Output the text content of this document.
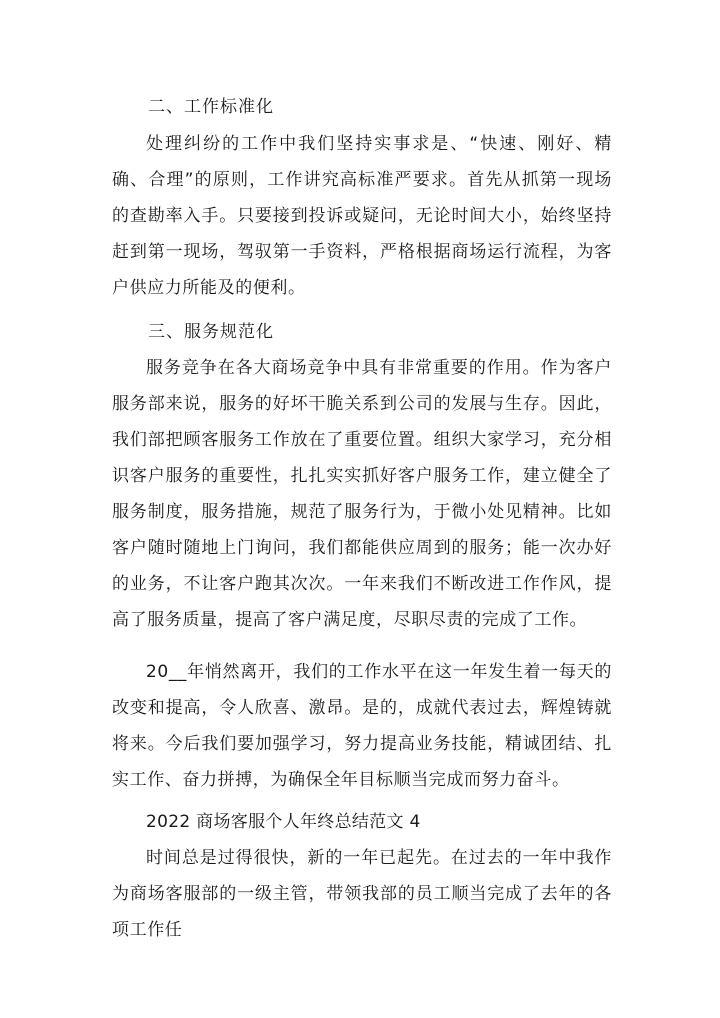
二、工作标准化

处理纠纷的工作中我们坚持实事求是、“快速、刚好、精确、合理”的原则，工作讲究高标准严要求。首先从抓第一现场的查勘率入手。只要接到投诉或疑问，无论时间大小，始终坚持赶到第一现场，驾驭第一手资料，严格根据商场运行流程，为客户供应力所能及的便利。

三、服务规范化

服务竞争在各大商场竞争中具有非常重要的作用。作为客户服务部来说，服务的好坏干脆关系到公司的发展与生存。因此，我们部把顾客服务工作放在了重要位置。组织大家学习，充分相识客户服务的重要性，扎扎实实抓好客户服务工作，建立健全了服务制度，服务措施，规范了服务行为，于微小处见精神。比如客户随时随地上门询问，我们都能供应周到的服务；能一次办好的业务，不让客户跑其次次。一年来我们不断改进工作作风，提高了服务质量，提高了客户满足度，尽职尽责的完成了工作。

20__年悄然离开，我们的工作水平在这一年发生着一每天的改变和提高，令人欣喜、激昂。是的，成就代表过去，辉煌铸就将来。今后我们要加强学习，努力提高业务技能，精诚团结、扎实工作、奋力拼搏，为确保全年目标顺当完成而努力奋斗。

2022 商场客服个人年终总结范文 4

时间总是过得很快，新的一年已起先。在过去的一年中我作为商场客服部的一级主管，带领我部的员工顺当完成了去年的各项工作任
